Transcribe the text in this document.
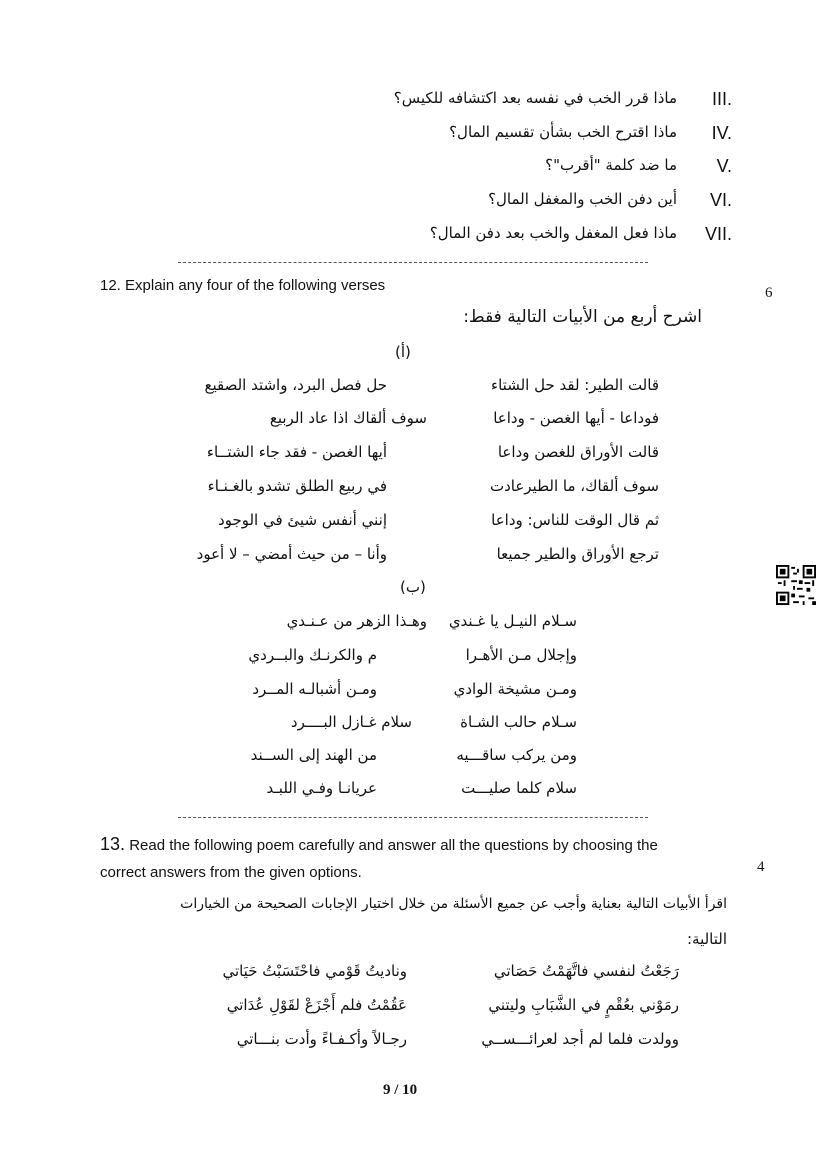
III.
ماذا قرر الخب في نفسه بعد اكتشافه للكيس؟
IV.
ماذا اقترح الخب بشأن تقسيم المال؟
V.
ما ضد كلمة "أقرب"؟
VI.
أين دفن الخب والمغفل المال؟
VII.
ماذا فعل المغفل والخب بعد دفن المال؟
12. Explain any four of the following verses	6
اشرح أربع من الأبيات التالية فقط:
(أ)
قالت الطير: لقد حل الشتاء
حل فصل البرد، واشتد الصقيع
فوداعا - أيها الغصن - وداعا
سوف ألقاك اذا عاد الربيع
قالت الأوراق للغصن وداعا
أيها الغصن - فقد جاء الشتــاء
سوف ألقاك، ما الطيرعادت
في ربيع الطلق تشدو بالغـنـاء
ثم قال الوقت للناس: وداعا
إنني أنفس شيئ في الوجود
ترجع الأوراق والطير جميعا
وأنا – من حيث أمضي – لا أعود
(ب)
سـلام النيـل يا غـندي
وهـذا الزهر من عـنـدي
وإجلال مـن الأهـرا
م والكرنـك والبــردي
ومـن مشيخة الوادي
ومـن أشبالـه المــرد
سـلام حالب الشـاة
سلام غـازل البــــرد
ومن يركب ساقـــيه
من الهند إلى الســند
سلام كلما صليـــت
عريانـا وفـي اللبـد
13. Read the following poem carefully and answer all the questions by choosing the
correct answers from the given options.	4
اقرأ الأبيات التالية بعناية وأجب عن جميع الأسئلة من خلال اختيار الإجابات الصحيحة من الخيارات
التالية:
رَجَعْتُ لنفسي فاتَّهَمْتُ حَصَاتي
وناديتُ قَوْمي فاحْتَسَبْتُ حَيَاتي
رمَوْني بعُقْمٍ في الشَّبَابِ وليتني
عَقُمْتُ فلم أَجْزَعْ لقَوْلِ عُدَاتي
وولدت فلما لم أجد لعرائـــســي
رجـالاً وأكـفـاءً وأدت بنـــاتي
9 / 10
